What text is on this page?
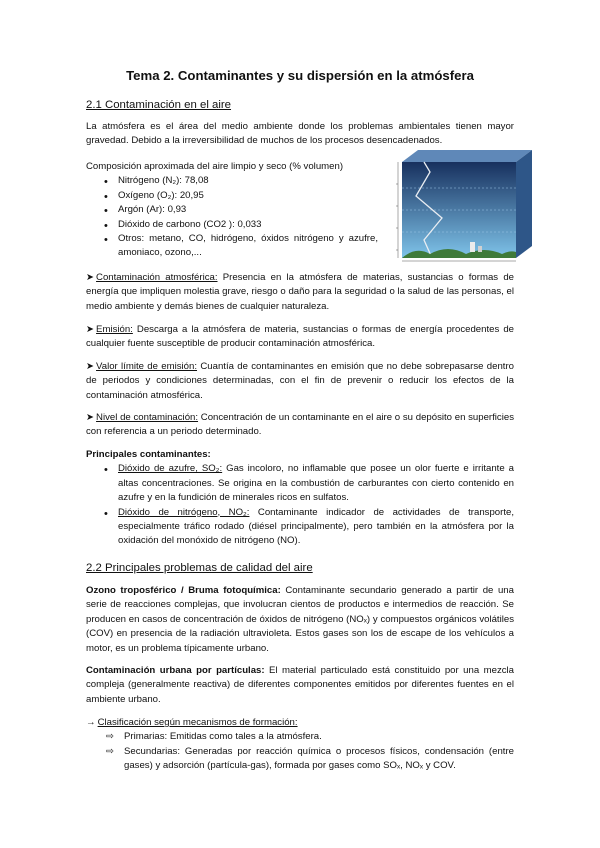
Tema 2. Contaminantes y su dispersión en la atmósfera
2.1 Contaminación en el aire

La atmósfera es el área del medio ambiente donde los problemas ambientales tienen mayor gravedad. Debido a la irreversibilidad de muchos de los procesos desencadenados.

Composición aproximada del aire limpio y seco (% volumen)
• Nitrógeno (N₂): 78,08
• Oxígeno (O₂): 20,95
• Argón (Ar): 0,93
• Dióxido de carbono (CO2 ): 0,033
• Otros: metano, CO, hidrógeno, óxidos nitrógeno y azufre, amoniaco, ozono,...

➤ Contaminación atmosférica: Presencia en la atmósfera de materias, sustancias o formas de energía que impliquen molestia grave, riesgo o daño para la seguridad o la salud de las personas, el medio ambiente y demás bienes de cualquier naturaleza.

➤ Emisión: Descarga a la atmósfera de materia, sustancias o formas de energía procedentes de cualquier fuente susceptible de producir contaminación atmosférica.

➤ Valor límite de emisión: Cuantía de contaminantes en emisión que no debe sobrepasarse dentro de periodos y condiciones determinadas, con el fin de prevenir o reducir los efectos de la contaminación atmosférica.

➤ Nivel de contaminación: Concentración de un contaminante en el aire o su depósito en superficies con referencia a un periodo determinado.

Principales contaminantes:
• Dióxido de azufre, SO₂: Gas incoloro, no inflamable que posee un olor fuerte e irritante a altas concentraciones. Se origina en la combustión de carburantes con cierto contenido en azufre y en la fundición de minerales ricos en sulfatos.
• Dióxido de nitrógeno, NO₂: Contaminante indicador de actividades de transporte, especialmente tráfico rodado (diésel principalmente), pero también en la atmósfera por la oxidación del monóxido de nitrógeno (NO).
2.2 Principales problemas de calidad del aire

Ozono troposférico / Bruma fotoquímica: Contaminante secundario generado a partir de una serie de reacciones complejas, que involucran cientos de productos e intermedios de reacción. Se producen en casos de concentración de óxidos de nitrógeno (NOₓ) y compuestos orgánicos volátiles (COV) en presencia de la radiación ultravioleta. Estos gases son los de escape de los vehículos a motor, es un problema típicamente urbano.

Contaminación urbana por partículas: El material particulado está constituido por una mezcla compleja (generalmente reactiva) de diferentes componentes emitidos por diferentes fuentes en el ambiente urbano.

→ Clasificación según mecanismos de formación:
⇨ Primarias: Emitidas como tales a la atmósfera.
⇨ Secundarias: Generadas por reacción química o procesos físicos, condensación (entre gases) y adsorción (partícula-gas), formada por gases como SOₓ, NOₓ y COV.
